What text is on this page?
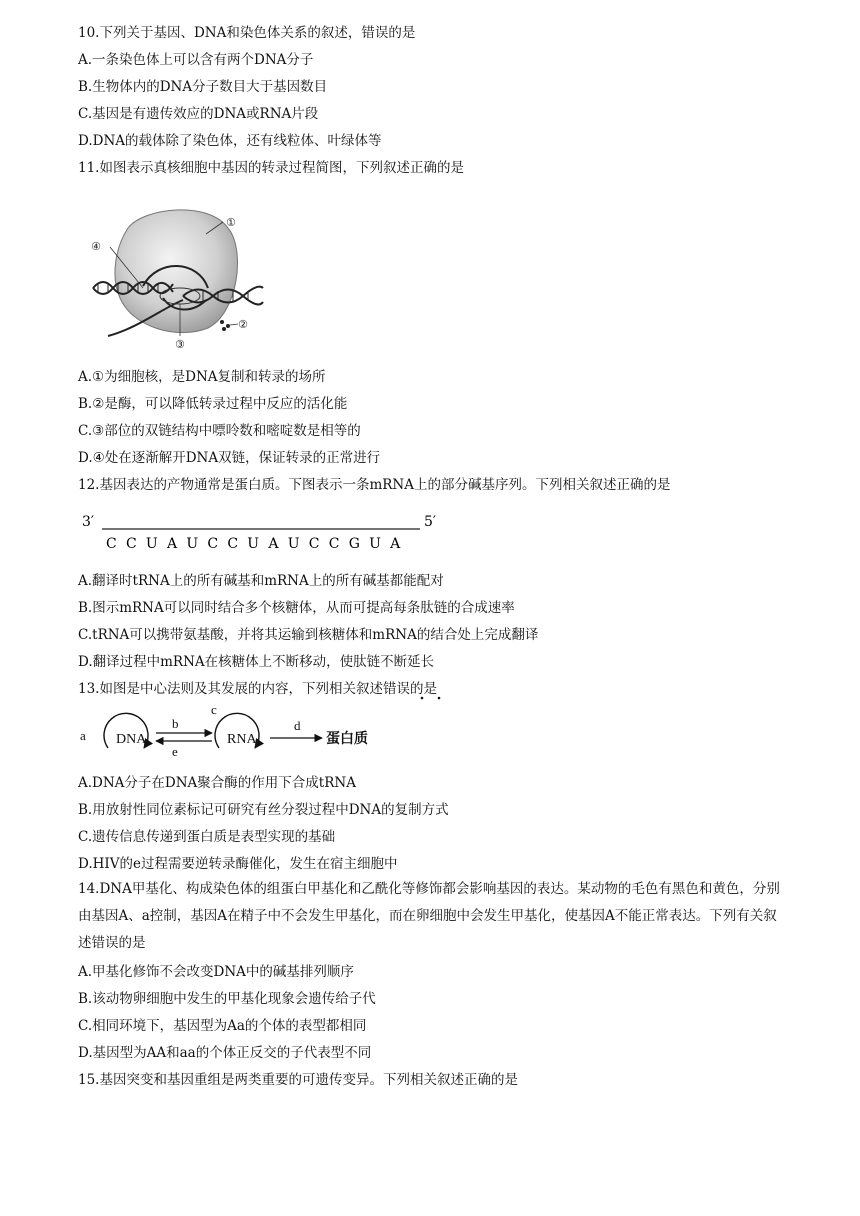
10.下列关于基因、DNA和染色体关系的叙述，错误的是
A.一条染色体上可以含有两个DNA分子
B.生物体内的DNA分子数目大于基因数目
C.基因是有遗传效应的DNA或RNA片段
D.DNA的载体除了染色体，还有线粒体、叶绿体等
11.如图表示真核细胞中基因的转录过程简图，下列叙述正确的是
①
②
③
④
A.①为细胞核，是DNA复制和转录的场所
B.②是酶，可以降低转录过程中反应的活化能
C.③部位的双链结构中嘌呤数和嘧啶数是相等的
D.④处在逐渐解开DNA双链，保证转录的正常进行
12.基因表达的产物通常是蛋白质。下图表示一条mRNA上的部分碱基序列。下列相关叙述正确的是
3′	5′
C C U A U C C U A U C C G U A
A.翻译时tRNA上的所有碱基和mRNA上的所有碱基都能配对
B.图示mRNA可以同时结合多个核糖体，从而可提高每条肽链的合成速率
C.tRNA可以携带氨基酸，并将其运输到核糖体和mRNA的结合处上完成翻译
D.翻译过程中mRNA在核糖体上不断移动，使肽链不断延长
13.如图是中心法则及其发展的内容，下列相关叙述错误的是
a DNA
b
e
c
RNA
d
蛋白质
A.DNA分子在DNA聚合酶的作用下合成tRNA
B.用放射性同位素标记可研究有丝分裂过程中DNA的复制方式
C.遗传信息传递到蛋白质是表型实现的基础
D.HIV的e过程需要逆转录酶催化，发生在宿主细胞中
14.DNA甲基化、构成染色体的组蛋白甲基化和乙酰化等修饰都会影响基因的表达。某动物的毛色有黑色和黄色，分别由基因A、a控制，基因A在精子中不会发生甲基化，而在卵细胞中会发生甲基化，使基因A不能正常表达。下列有关叙述错误的是
A.甲基化修饰不会改变DNA中的碱基排列顺序
B.该动物卵细胞中发生的甲基化现象会遗传给子代
C.相同环境下，基因型为Aa的个体的表型都相同
D.基因型为AA和aa的个体正反交的子代表型不同
15.基因突变和基因重组是两类重要的可遗传变异。下列相关叙述正确的是
